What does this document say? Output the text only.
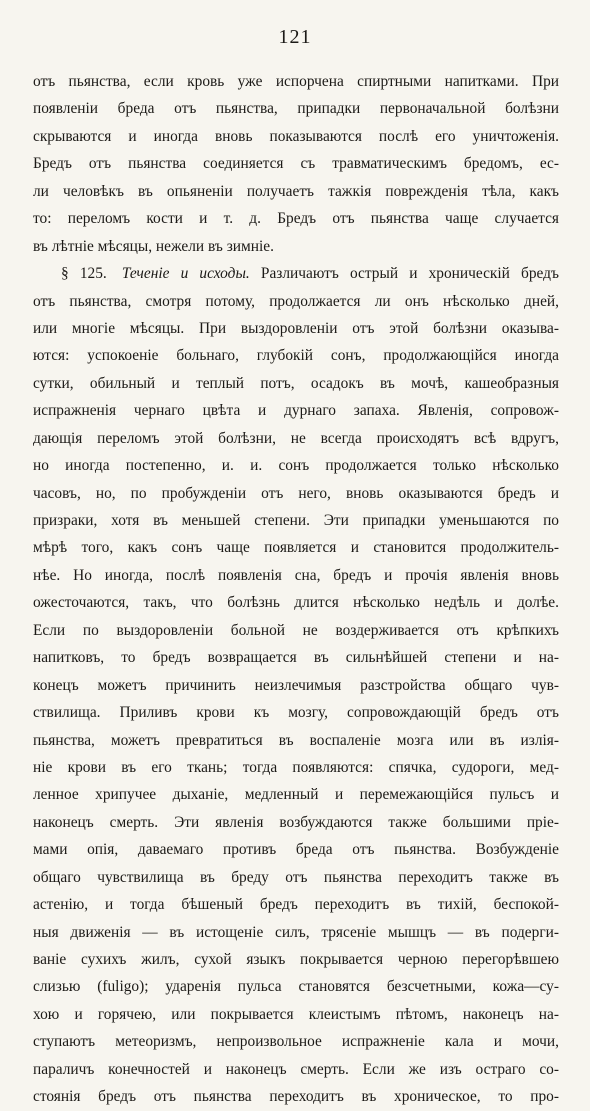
121
отъ пьянства, если кровь уже испорчена спиртными напитками. При
появленіи бреда отъ пьянства, припадки первоначальной болѣзни
скрываются и иногда вновь показываются послѣ его уничтоженія.
Бредъ отъ пьянства соединяется съ травматическимъ бредомъ, ес-
ли человѣкъ въ опьяненіи получаетъ тажкія поврежденія тѣла, какъ
то: переломъ кости и т. д. Бредъ отъ пьянства чаще случается
въ лѣтніе мѣсяцы, нежели въ зимніе.
§ 125. Теченіе и исходы. Различаютъ острый и хроническій бредъ
отъ пьянства, смотря потому, продолжается ли онъ нѣсколько дней,
или многіе мѣсяцы. При выздоровленіи отъ этой болѣзни оказыва-
ются: успокоеніе больнаго, глубокій сонъ, продолжающійся иногда
сутки, обильный и теплый потъ, осадокъ въ мочѣ, кашеобразныя
испражненія чернаго цвѣта и дурнаго запаха. Явленія, сопровож-
дающія переломъ этой болѣзни, не всегда происходятъ всѣ вдругъ,
но иногда постепенно, и. и. сонъ продолжается только нѣсколько
часовъ, но, по пробужденіи отъ него, вновь оказываются бредъ и
призраки, хотя въ меньшей степени. Эти припадки уменьшаются по
мѣрѣ того, какъ сонъ чаще появляется и становится продолжитель-
нѣе. Но иногда, послѣ появленія сна, бредъ и прочія явленія вновь
ожесточаются, такъ, что болѣзнь длится нѣсколько недѣль и долѣе.
Если по выздоровленіи больной не воздерживается отъ крѣпкихъ
напитковъ, то бредъ возвращается въ сильнѣйшей степени и на-
конецъ можетъ причинить неизлечимыя разстройства общаго чув-
ствилища. Приливъ крови къ мозгу, сопровождающій бредъ отъ
пьянства, можетъ превратиться въ воспаленіе мозга или въ излія-
ніе крови въ его ткань; тогда появляются: спячка, судороги, мед-
ленное хрипучее дыханіе, медленный и перемежающійся пульсъ и
наконецъ смерть. Эти явленія возбуждаются также большими пріе-
мами опія, даваемаго противъ бреда отъ пьянства. Возбужденіе
общаго чувствилища въ бреду отъ пьянства переходитъ также въ
астенію, и тогда бѣшеный бредъ переходитъ въ тихій, беспокой-
ныя движенія — въ истощеніе силъ, трясеніе мышцъ — въ подерги-
ваніе сухихъ жилъ, сухой языкъ покрывается черною перегорѣвшею
слизью (fuligo); ударенія пульса становятся безсчетными, кожа—су-
хою и горячею, или покрывается клеистымъ пѣтомъ, наконецъ на-
ступаютъ метеоризмъ, непроизвольное испражненіе кала и мочи,
параличъ конечностей и наконецъ смерть. Если же изъ остраго со-
стоянія бредъ отъ пьянства переходитъ въ хроническое, то про-
